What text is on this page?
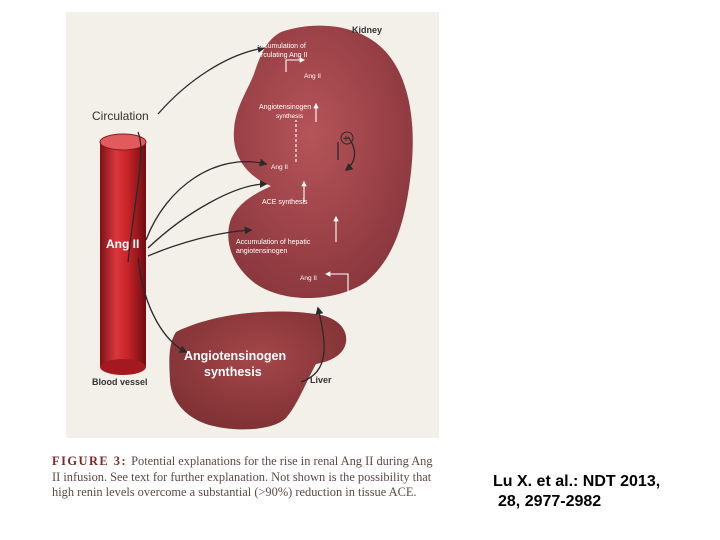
Kidney
Circulation
Ang II
Blood vessel	Liver
Accumulation of
circulating Ang II
Ang II
Angiotensinogen
synthesis
+
Ang II
ACE synthesis
Accumulation of hepatic
angiotensinogen
Ang II
Angiotensinogen
synthesis
FIGURE 3: Potential explanations for the rise in renal Ang II during Ang II infusion. See text for further explanation. Not shown is the possibility that high renin levels overcome a substantial (>90%) reduction in tissue ACE.
Lu X. et al.: NDT 2013,
28, 2977-2982
